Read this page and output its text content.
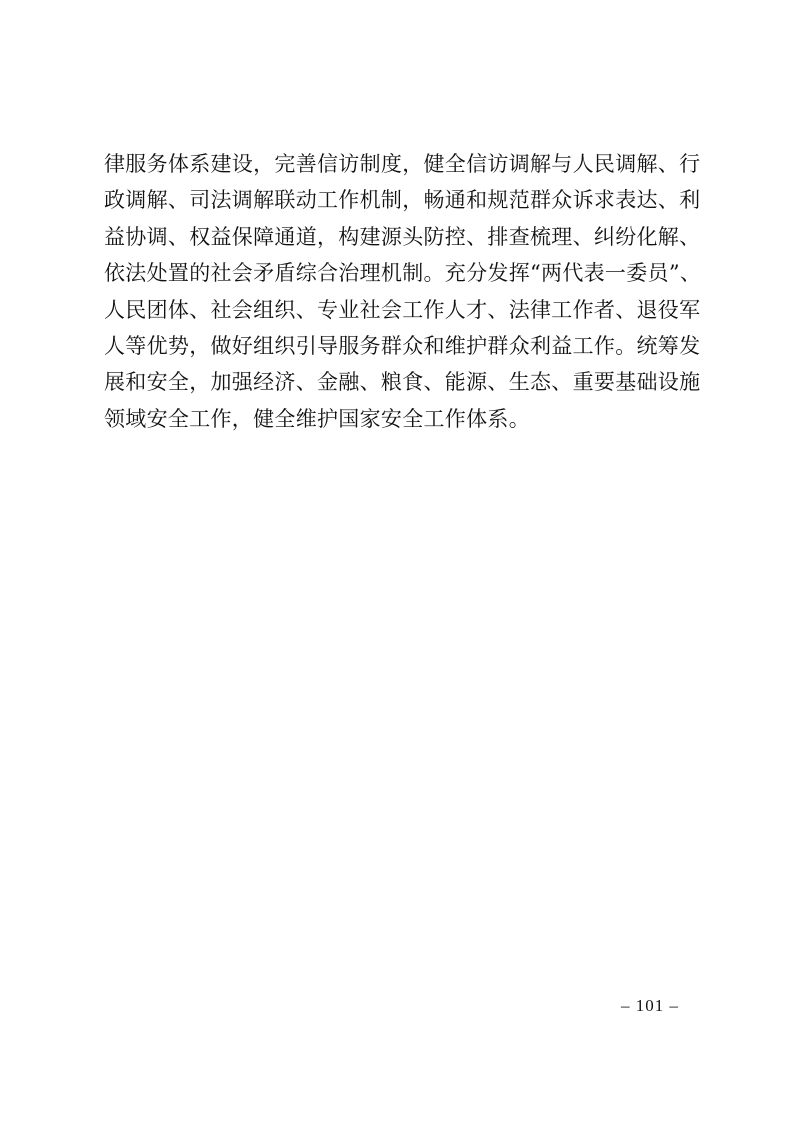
律服务体系建设，完善信访制度，健全信访调解与人民调解、行
政调解、司法调解联动工作机制，畅通和规范群众诉求表达、利
益协调、权益保障通道，构建源头防控、排查梳理、纠纷化解、
依法处置的社会矛盾综合治理机制。充分发挥“两代表一委员”、
人民团体、社会组织、专业社会工作人才、法律工作者、退役军
人等优势，做好组织引导服务群众和维护群众利益工作。统筹发
展和安全，加强经济、金融、粮食、能源、生态、重要基础设施
领域安全工作，健全维护国家安全工作体系。
– 101 –
